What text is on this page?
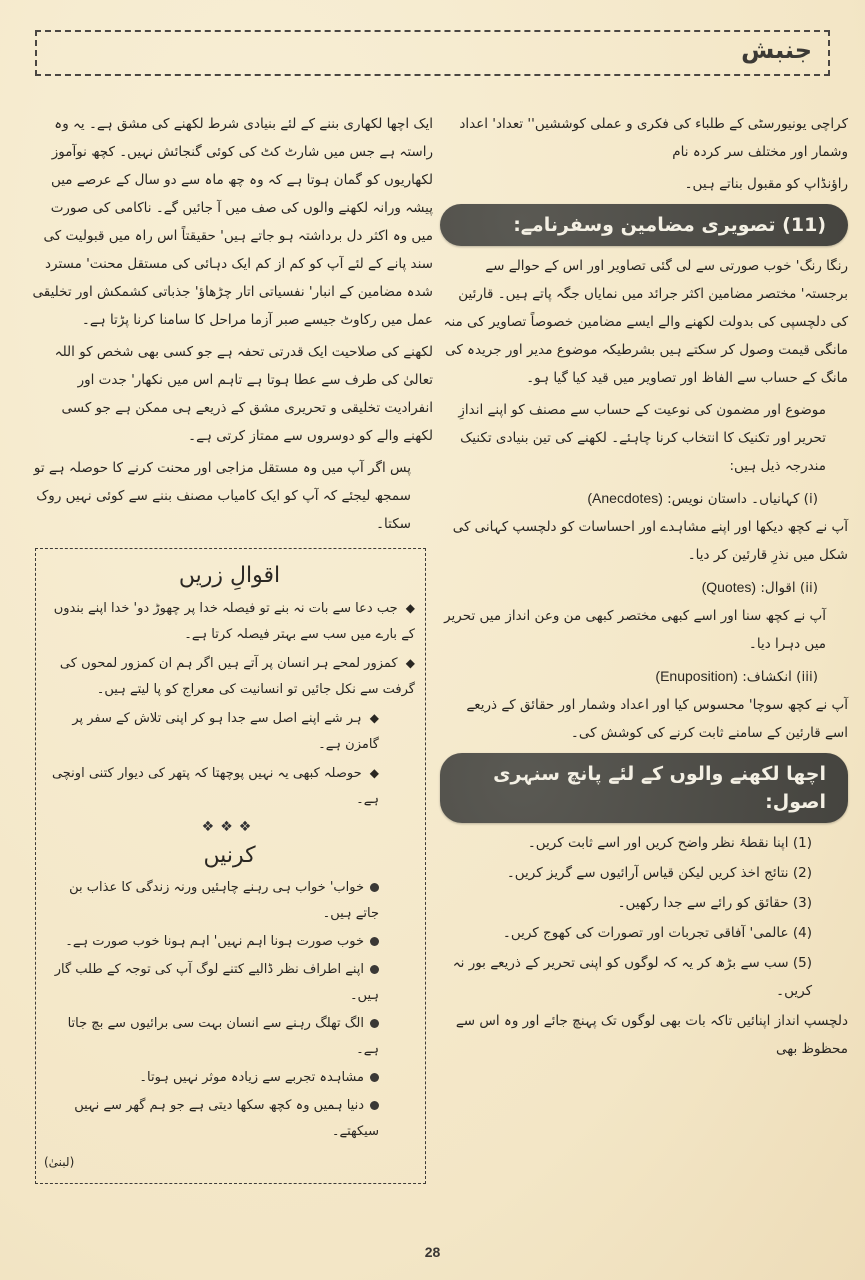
جنبش

کراچی یونیورسٹی کے طلباء کی فکری و عملی کوششیں'' تعداد' اعداد وشمار اور مختلف سر کردہ نام

راؤنڈاپ کو مقبول بناتے ہیں۔

(11) تصویری مضامین وسفرنامے:

رنگا رنگ' خوب صورتی سے لی گئی تصاویر اور اس کے حوالے سے برجستہ' مختصر مضامین اکثر جرائد میں نمایاں جگہ پاتے ہیں۔ قارئین کی دلچسپی کی بدولت لکھنے والے ایسے مضامین خصوصاً تصاویر کی منہ مانگی قیمت وصول کر سکتے ہیں بشرطیکہ موضوع مدیر اور جریدہ کی مانگ کے حساب سے الفاظ اور تصاویر میں قید کیا گیا ہو۔

موضوع اور مضمون کی نوعیت کے حساب سے مصنف کو اپنے اندازِ تحریر اور تکنیک کا انتخاب کرنا چاہئے۔ لکھنے کی تین بنیادی تکنیک مندرجہ ذیل ہیں:

(i) کہانیاں۔ داستان نویس: (Anecdotes)

آپ نے کچھ دیکھا اور اپنے مشاہدے اور احساسات کو دلچسپ کہانی کی شکل میں نذرِ قارئین کر دیا۔

(ii) اقوال: (Quotes)

آپ نے کچھ سنا اور اسے کبھی مختصر کبھی من وعن انداز میں تحریر میں دہرا دیا۔

(iii) انکشاف: (Enuposition)

آپ نے کچھ سوچا' محسوس کیا اور اعداد وشمار اور حقائق کے ذریعے اسے قارئین کے سامنے ثابت کرنے کی کوشش کی۔

اچھا لکھنے والوں کے لئے پانچ سنہری اصول:
(1) اپنا نقطۂ نظر واضح کریں اور اسے ثابت کریں۔
(2) نتائج اخذ کریں لیکن قیاس آرائیوں سے گریز کریں۔
(3) حقائق کو رائے سے جدا رکھیں۔
(4) عالمی' آفاقی تجربات اور تصورات کی کھوج کریں۔
(5) سب سے بڑھ کر یہ کہ لوگوں کو اپنی تحریر کے ذریعے بور نہ کریں۔

دلچسپ انداز اپنائیں تاکہ بات بھی لوگوں تک پہنچ جائے اور وہ اس سے محظوظ بھی

ایک اچھا لکھاری بننے کے لئے بنیادی شرط لکھنے کی مشق ہے۔ یہ وہ راستہ ہے جس میں شارٹ کٹ کی کوئی گنجائش نہیں۔ کچھ نوآموز لکھاریوں کو گمان ہوتا ہے کہ وہ چھ ماہ سے دو سال کے عرصے میں پیشہ ورانہ لکھنے والوں کی صف میں آ جائیں گے۔ ناکامی کی صورت میں وہ اکثر دل برداشتہ ہو جاتے ہیں' حقیقتاً اس راہ میں قبولیت کی سند پانے کے لئے آپ کو کم از کم ایک دہائی کی مستقل محنت' مسترد شدہ مضامین کے انبار' نفسیاتی اتار چڑھاؤ' جذباتی کشمکش اور تخلیقی عمل میں رکاوٹ جیسے صبر آزما مراحل کا سامنا کرنا پڑتا ہے۔

لکھنے کی صلاحیت ایک قدرتی تحفہ ہے جو کسی بھی شخص کو اللہ تعالیٰ کی طرف سے عطا ہوتا ہے تاہم اس میں نکھار' جدت اور انفرادیت تخلیقی و تحریری مشق کے ذریعے ہی ممکن ہے جو کسی لکھنے والے کو دوسروں سے ممتاز کرتی ہے۔

پس اگر آپ میں وہ مستقل مزاجی اور محنت کرنے کا حوصلہ ہے تو سمجھ لیجئے کہ آپ کو ایک کامیاب مصنف بننے سے کوئی نہیں روک سکتا۔

اقوالِ زریں

◆ جب دعا سے بات نہ بنے تو فیصلہ خدا پر چھوڑ دو' خدا اپنے بندوں کے بارے میں سب سے بہتر فیصلہ کرتا ہے۔

◆ کمزور لمحے ہر انسان پر آتے ہیں اگر ہم ان کمزور لمحوں کی گرفت سے نکل جائیں تو انسانیت کی معراج کو پا لیتے ہیں۔

◆ ہر شے اپنے اصل سے جدا ہو کر اپنی تلاش کے سفر پر گامزن ہے۔

◆ حوصلہ کبھی یہ نہیں پوچھتا کہ پتھر کی دیوار کتنی اونچی ہے۔

❖❖❖
کرنیں
خواب' خواب ہی رہنے چاہئیں ورنہ زندگی کا عذاب بن جاتے ہیں۔
خوب صورت ہونا اہم نہیں' اہم ہونا خوب صورت ہے۔
اپنے اطراف نظر ڈالیے کتنے لوگ آپ کی توجہ کے طلب گار ہیں۔
الگ تھلگ رہنے سے انسان بہت سی برائیوں سے بچ جاتا ہے۔
مشاہدہ تجربے سے زیادہ موثر نہیں ہوتا۔
دنیا ہمیں وہ کچھ سکھا دیتی ہے جو ہم گھر سے نہیں سیکھتے۔
(لبنیٰ)
28
